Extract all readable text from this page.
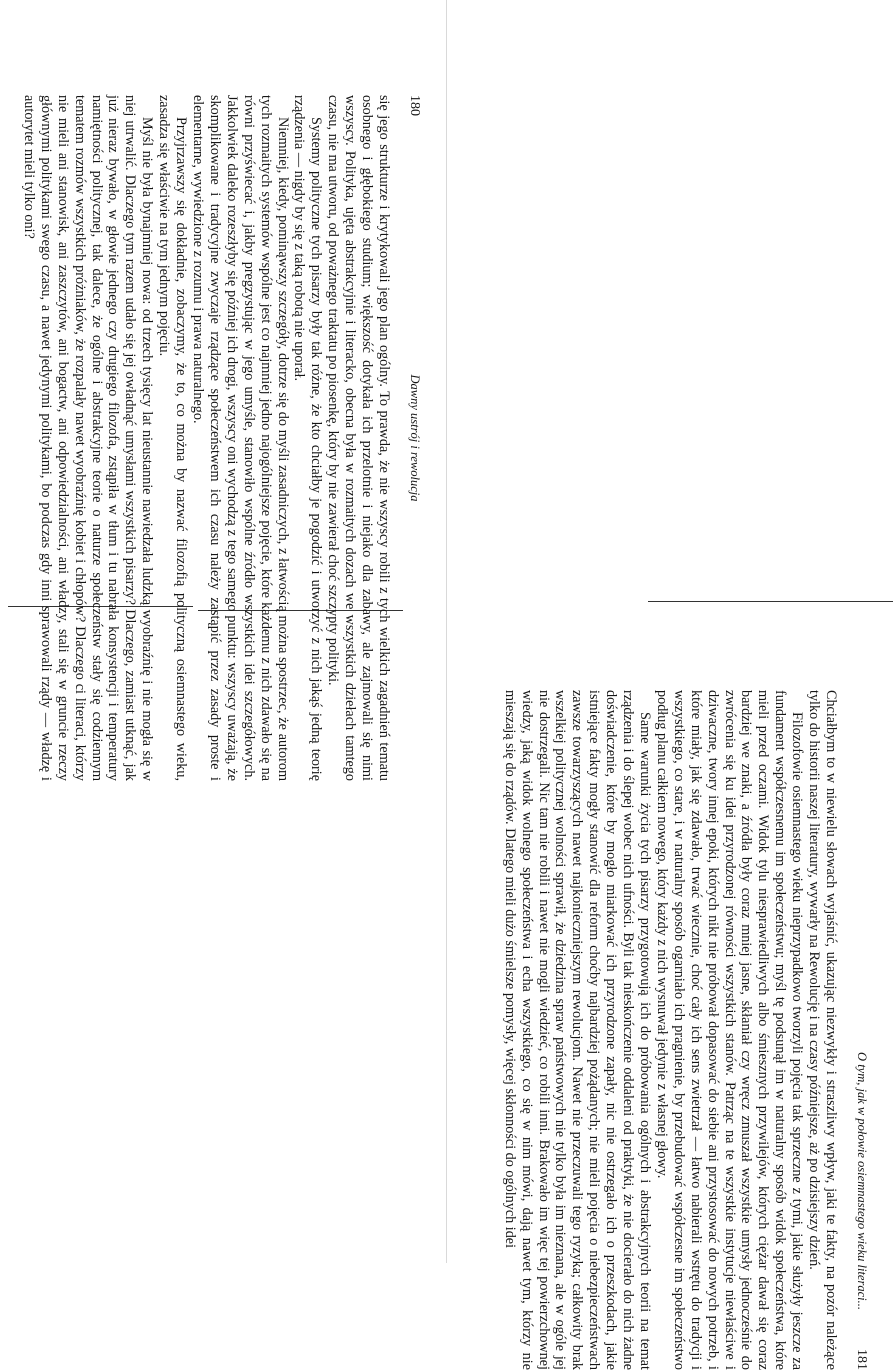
180
Dawny ustrój i rewolucja

się jego strukturze i krytykowali jego plan ogólny. To prawda, że nie wszyscy robili z tych wielkich zagadnień tematu osobnego i głębokiego studium; większość dotykała ich przelotnie i niejako dla zabawy, ale zajmowali się nimi wszyscy. Polityka, ujęta abstrakcyjnie i literacko, obecna była w rozmaitych dozach we wszystkich dziełach tamtego czasu, nie ma utworu, od poważnego traktatu po piosenkę, który by nie zawierał choć szczypty polityki.

Systemy polityczne tych pisarzy były tak różne, że kto chciałby je pogodzić i utworzyć z nich jakąś jedną teorię rządzenia — nigdy by się z taką robotą nie uporał.

Niemniej, kiedy, pominąwszy szczegóły, dotrze się do myśli zasadniczych, z łatwością można spostrzec, że autorom tych rozmaitych systemów wspólne jest co najmniej jedno najogólniejsze pojęcie, które każdemu z nich zdawało się na równi przyświecać i, jakby pregzystując w jego umyśle, stanowiło wspólne źródło wszystkich idei szczegółowych. Jakkolwiek daleko rozeszłyby się później ich drogi, wszyscy oni wychodzą z tego samego punktu: wszyscy uważają, że skomplikowane i tradycyjne zwyczaje rządzące społeczeństwem ich czasu należy zastąpić przez zasady proste i elementarne, wywiedzione z rozumu i prawa naturalnego.

Przyjrzawszy się dokładnie, zobaczymy, że to, co można by nazwać filozofią polityczną osiemnastego wieku, zasadza się właściwie na tym jednym pojęciu.

Myśl nie była bynajmniej nowa: od trzech tysięcy lat nieustannie nawiedzała ludzką wyobraźnię i nie mogła się w niej utrwalić. Dlaczego tym razem udało się jej owładnąć umysłami wszystkich pisarzy? Dlaczego, zamiast utknąć, jak już nieraz bywało, w głowie jednego czy drugiego filozofa, zstąpiła w tłum i tu nabrała konsystencji i temperatury namiętności politycznej, tak dalece, że ogólne i abstrakcyjne teorie o naturze społeczeństw stały się codziennym tematem rozmów wszystkich próżniaków, że rozpalały nawet wyobraźnię kobiet i chłopów? Dlaczego ci literaci, którzy nie mieli ani stanowisk, ani zaszczytów, ani bogactw, ani odpowiedzialności, ani władzy, stali się w gruncie rzeczy głównymi politykami swego czasu, a nawet jedynymi politykami, bo podczas gdy inni sprawowali rządy — władzę i autorytet mieli tylko oni?

O tym, jak w połowie osiemnastego wieku literaci...
181

Chciałbym to w niewielu słowach wyjaśnić, ukazując niezwykły i straszliwy wpływ, jaki te fakty, na pozór należące tylko do historii naszej literatury, wywarły na Rewolucję i na czasy późniejsze, aż po dzisiejszy dzień.

Filozofowie osiemnastego wieku nieprzypadkowo tworzyli pojęcia tak sprzeczne z tymi, jakie służyły jeszcze za fundament współczesnemu im społeczeństwu; myśl tę podsunął im w naturalny sposób widok społeczeństwa, które mieli przed oczami. Widok tylu niesprawiedliwych albo śmiesznych przywilejów, których ciężar dawał się coraz bardziej we znaki, a źródła były coraz mniej jasne, skłaniał czy wręcz zmuszał wszystkie umysły jednocześnie do zwrócenia się ku idei przyrodzonej równości wszystkich stanów. Patrząc na te wszystkie instytucje niewłaściwe i dziwaczne, twory innej epoki, których nikt nie próbował dopasować do siebie ani przystosować do nowych potrzeb, i które miały, jak się zdawało, trwać wiecznie, choć cały ich sens zwietrzał — łatwo nabierali wstrętu do tradycji i wszystkiego, co stare, i w naturalny sposób ogarniało ich pragnienie, by przebudować współczesne im społeczeństwo podług planu całkiem nowego, który każdy z nich wysnuwał jedynie z własnej głowy.

Same warunki życia tych pisarzy przygotowują ich do próbowania ogólnych i abstrakcyjnych teorii na temat rządzenia i do ślepej wobec nich ufności. Byli tak nieskończenie oddaleni od praktyki, że nie docierało do nich żadne doświadczenie, które by mogło miarkować ich przyrodzone zapały, nic nie ostrzegało ich o przeszkodach, jakie istniejące fakty mogły stanowić dla reform choćby najbardziej pożądanych; nie mieli pojęcia o niebezpieczeństwach zawsze towarzyszących nawet najkonieczniejszym rewolucjom. Nawet nie przeczuwali tego ryzyka; całkowity brak wszelkiej politycznej wolności sprawił, że dziedzina spraw państwowych nie tylko była im nieznana, ale w ogóle jej nie dostrzegali. Nic tam nie robili i nawet nie mogli wiedzieć, co robili inni. Brakowało im więc tej powierzchownej wiedzy, jaką widok wolnego społeczeństwa i echa wszystkiego, co się w nim mówi, dają nawet tym, którzy nie mieszają się do rządów. Dlatego mieli dużo śmielsze pomysły, więcej skłonności do ogólnych idei
